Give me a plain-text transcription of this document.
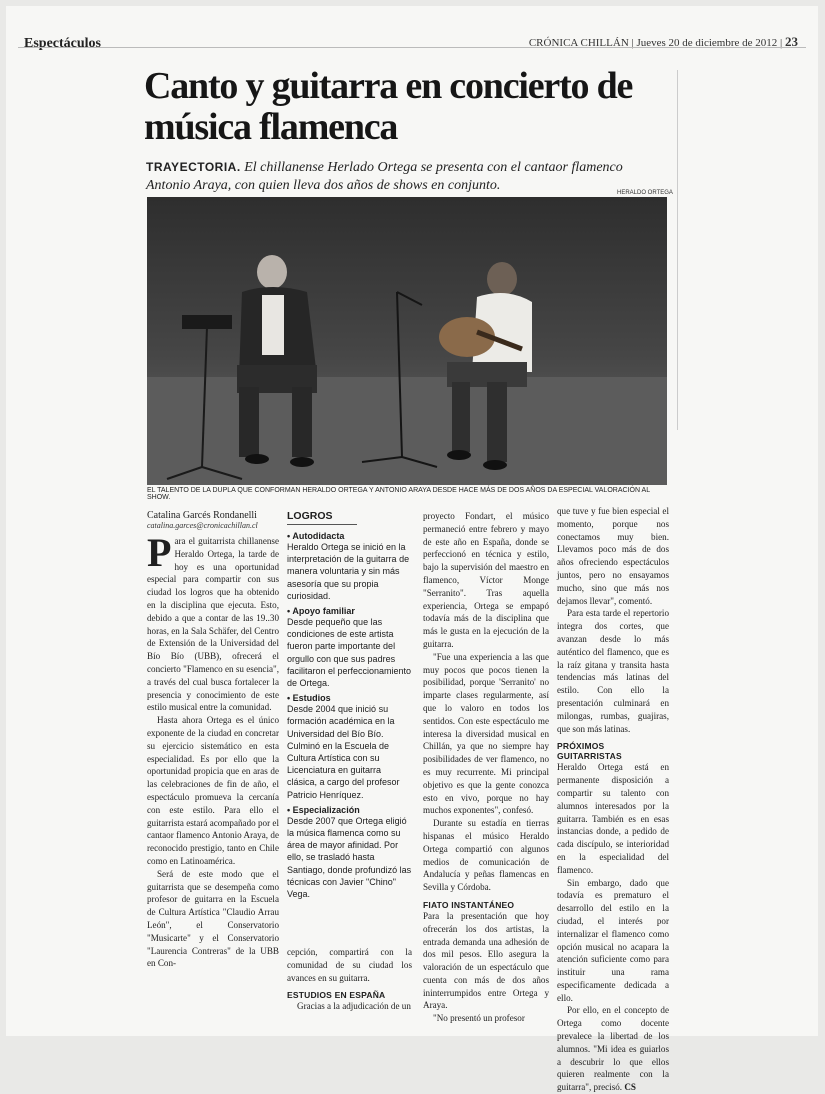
Espectáculos	CRÓNICA CHILLÁN | Jueves 20 de diciembre de 2012 | 23
Canto y guitarra en concierto de música flamenca
TRAYECTORIA. El chillanense Herlado Ortega se presenta con el cantaor flamenco Antonio Araya, con quien lleva dos años de shows en conjunto.	HERALDO ORTEGA
EL TALENTO DE LA DUPLA QUE CONFORMAN HERALDO ORTEGA Y ANTONIO ARAYA DESDE HACE MÁS DE DOS AÑOS DA ESPECIAL VALORACIÓN AL SHOW.
Catalina Garcés Rondanelli
catalina.garces@cronicachillan.cl

Para el guitarrista chillanense Heraldo Ortega, la tarde de hoy es una oportunidad especial para compartir con sus ciudad los logros que ha obtenido en la disciplina que ejecuta. Esto, debido a que a contar de las 19..30 horas, en la Sala Schäfer, del Centro de Extensión de la Universidad del Bío Bío (UBB), ofrecerá el concierto "Flamenco en su esencia", a través del cual busca fortalecer la presencia y conocimiento de este estilo musical entre la comunidad.

Hasta ahora Ortega es el único exponente de la ciudad en concretar su ejercicio sistemático en esta especialidad. Es por ello que la oportunidad propicia que en aras de las celebraciones de fin de año, el espectáculo promueva la cercanía con este estilo. Para ello el guitarrista estará acompañado por el cantaor flamenco Antonio Araya, de reconocido prestigio, tanto en Chile como en Latinoamérica.

Será de este modo que el guitarrista que se desempeña como profesor de guitarra en la Escuela de Cultura Artística "Claudio Arrau León", el Conservatorio "Musicarte" y el Conservatorio "Laurencia Contreras" de la UBB en Con-

LOGROS
• Autodidacta
Heraldo Ortega se inició en la interpretación de la guitarra de manera voluntaria y sin más asesoría que su propia curiosidad.
• Apoyo familiar
Desde pequeño que las condiciones de este artista fueron parte importante del orgullo con que sus padres facilitaron el perfeccionamiento de Ortega.
• Estudios
Desde 2004 que inició su formación académica en la Universidad del Bío Bío. Culminó en la Escuela de Cultura Artística con su Licenciatura en guitarra clásica, a cargo del profesor Patricio Henríquez.
• Especialización
Desde 2007 que Ortega eligió la música flamenca como su área de mayor afinidad. Por ello, se trasladó hasta Santiago, donde profundizó las técnicas con Javier "Chino" Vega.

cepción, compartirá con la comunidad de su ciudad los avances en su guitarra.

ESTUDIOS EN ESPAÑA

Gracias a la adjudicación de un

proyecto Fondart, el músico permaneció entre febrero y mayo de este año en España, donde se perfeccionó en técnica y estilo, bajo la supervisión del maestro en flamenco, Víctor Monge "Serranito". Tras aquella experiencia, Ortega se empapó todavía más de la disciplina que más le gusta en la ejecución de la guitarra.

"Fue una experiencia a las que muy pocos que pocos tienen la posibilidad, porque 'Serranito' no imparte clases regularmente, así que lo valoro en todos los sentidos. Con este espectáculo me interesa la diversidad musical en Chillán, ya que no siempre hay posibilidades de ver flamenco, no es muy recurrente. Mi principal objetivo es que la gente conozca esto en vivo, porque no hay muchos exponentes", confesó.

Durante su estadía en tierras hispanas el músico Heraldo Ortega compartió con algunos medios de comunicación de Andalucía y peñas flamencas en Sevilla y Córdoba.

FIATO INSTANTÁNEO

Para la presentación que hoy ofrecerán los dos artistas, la entrada demanda una adhesión de dos mil pesos. Ello asegura la valoración de un espectáculo que cuenta con más de dos años ininterrumpidos entre Ortega y Araya.

"No presentó un profesor

que tuve y fue bien especial el momento, porque nos conectamos muy bien. Llevamos poco más de dos años ofreciendo espectáculos juntos, pero no ensayamos mucho, sino que más nos dejamos llevar", comentó.

Para esta tarde el repertorio integra dos cortes, que avanzan desde lo más auténtico del flamenco, que es la raíz gitana y transita hasta tendencias más latinas del estilo. Con ello la presentación culminará en milongas, rumbas, guajiras, que son más latinas.

PRÓXIMOS GUITARRISTAS

Heraldo Ortega está en permanente disposición a compartir su talento con alumnos interesados por la guitarra. También es en esas instancias donde, a pedido de cada discípulo, se interioridad en la especialidad del flamenco.

Sin embargo, dado que todavía es prematuro el desarrollo del estilo en la ciudad, el interés por internalizar el flamenco como opción musical no acapara la atención suficiente como para instituir una rama especificamente dedicada a ello.

Por ello, en el concepto de Ortega como docente prevalece la libertad de los alumnos. "Mi idea es guiarlos a descubrir lo que ellos quieren realmente con la guitarra", precisó. CS
